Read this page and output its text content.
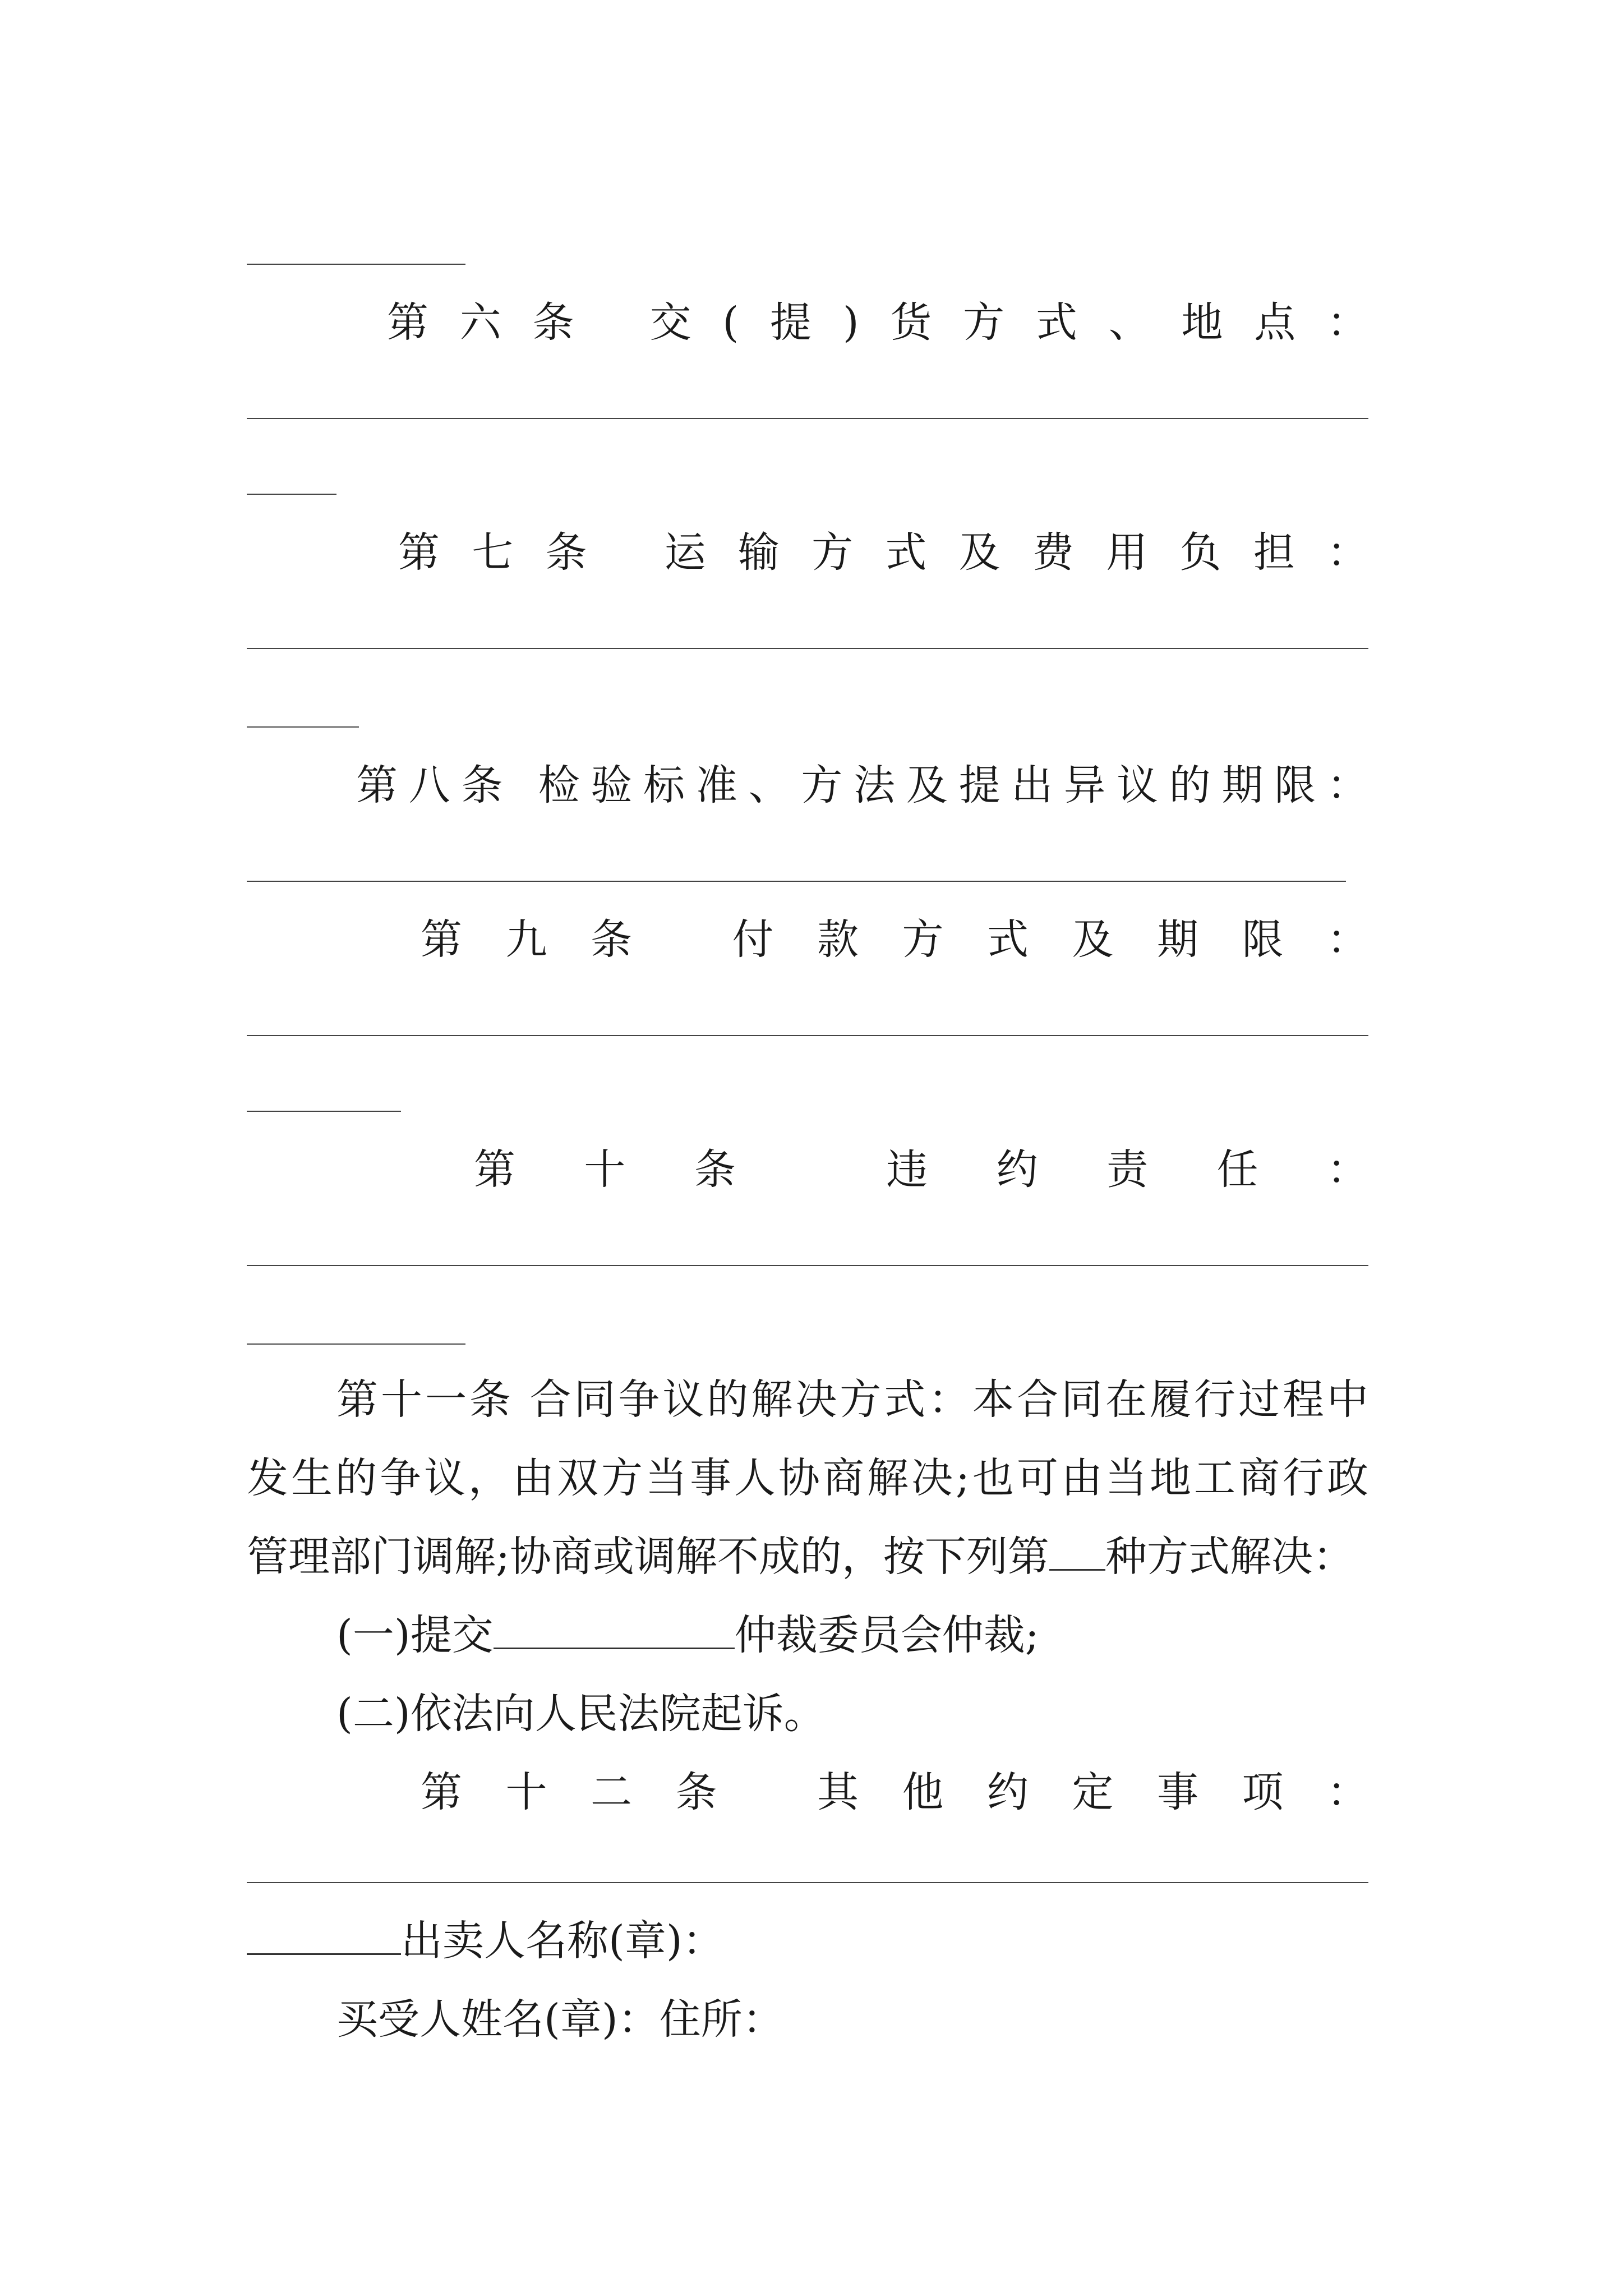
第六条 交(提)货方式、地点：
第七条 运输方式及费用负担：
第八条 检验标准、方法及提出异议的期限：
第九条 付款方式及期限：
第十条 违约责任：
第十一条 合同争议的解决方式：本合同在履行过程中
发生的争议，由双方当事人协商解决;也可由当地工商行政
管理部门调解;协商或调解不成的，按下列第 种方式解决：
(一)提交	仲裁委员会仲裁;
(二)依法向人民法院起诉。
第十二条 其他约定事项：
出卖人名称(章)：
买受人姓名(章)：住所：
